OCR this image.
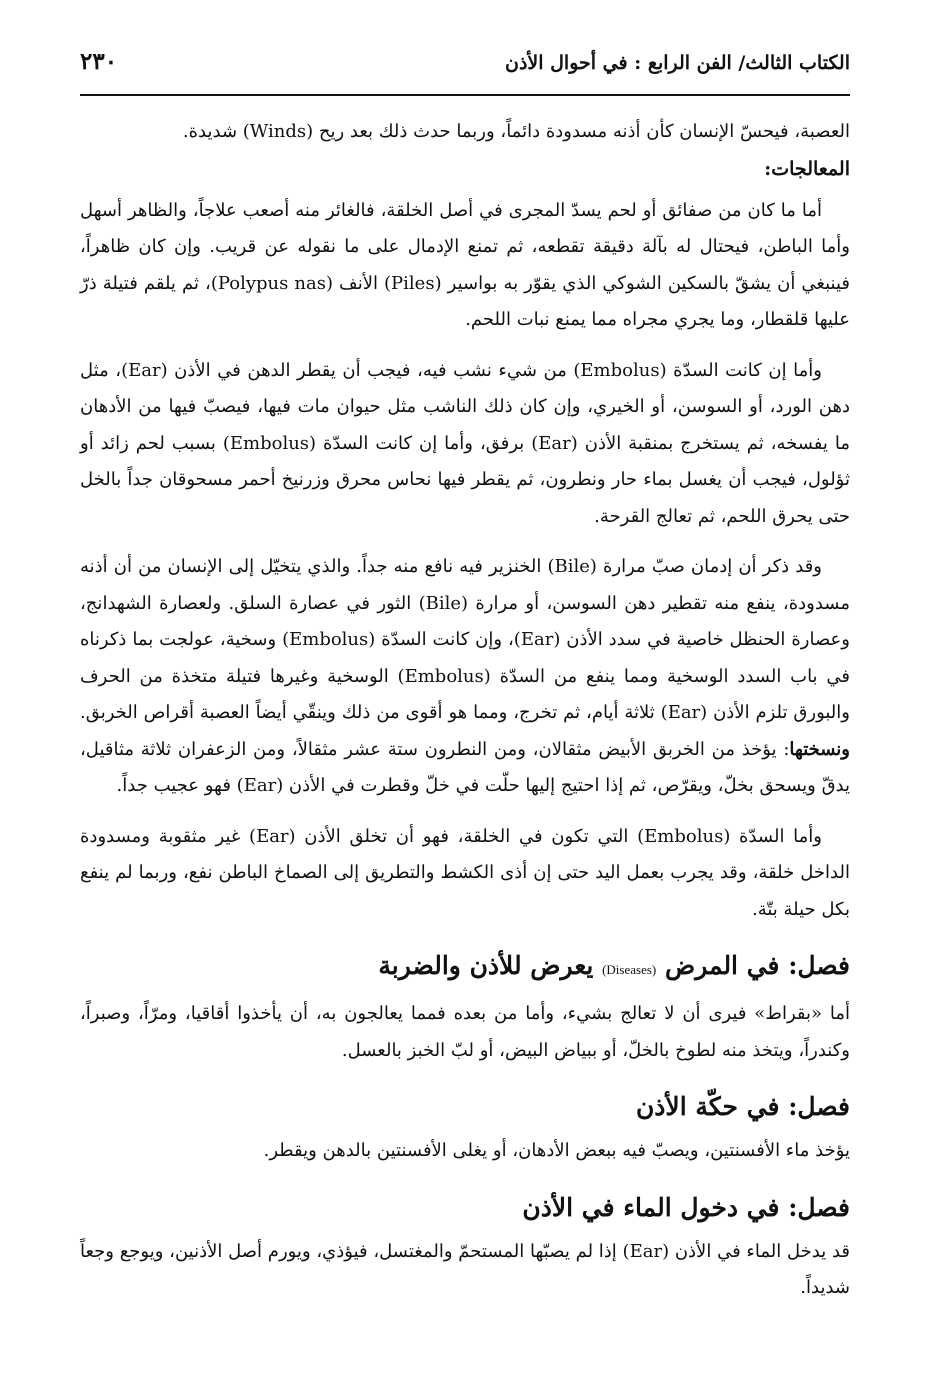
الكتاب الثالث/ الفن الرابع : في أحوال الأذن
٢٣٠

العصبة، فيحسّ الإنسان كأن أذنه مسدودة دائماً، وربما حدث ذلك بعد ريح (Winds) شديدة.

المعالجات:

أما ما كان من صفائق أو لحم يسدّ المجرى في أصل الخلقة، فالغائر منه أصعب علاجاً، والظاهر أسهل وأما الباطن، فيحتال له بآلة دقيقة تقطعه، ثم تمنع الإدمال على ما نقوله عن قريب. وإن كان ظاهراً، فينبغي أن يشقّ بالسكين الشوكي الذي يقوّر به بواسير (Piles) الأنف (Polypus nas)، ثم يلقم فتيلة ذرّ عليها قلقطار، وما يجري مجراه مما يمنع نبات اللحم.

وأما إن كانت السدّة (Embolus) من شيء نشب فيه، فيجب أن يقطر الدهن في الأذن (Ear)، مثل دهن الورد، أو السوسن، أو الخيري، وإن كان ذلك الناشب مثل حيوان مات فيها، فيصبّ فيها من الأدهان ما يفسخه، ثم يستخرج بمنقبة الأذن (Ear) برفق، وأما إن كانت السدّة (Embolus) بسبب لحم زائد أو ثؤلول، فيجب أن يغسل بماء حار ونطرون، ثم يقطر فيها نحاس محرق وزرنيخ أحمر مسحوقان جداً بالخل حتى يحرق اللحم، ثم تعالج القرحة.

وقد ذكر أن إدمان صبّ مرارة (Bile) الخنزير فيه نافع منه جداً. والذي يتخيّل إلى الإنسان من أن أذنه مسدودة، ينفع منه تقطير دهن السوسن، أو مرارة (Bile) الثور في عصارة السلق. ولعصارة الشهدانج، وعصارة الحنظل خاصية في سدد الأذن (Ear)، وإن كانت السدّة (Embolus) وسخية، عولجت بما ذكرناه في باب السدد الوسخية ومما ينفع من السدّة (Embolus) الوسخية وغيرها فتيلة متخذة من الحرف والبورق تلزم الأذن (Ear) ثلاثة أيام، ثم تخرج، ومما هو أقوى من ذلك وينقّي أيضاً العصبة أقراص الخربق. ونسختها: يؤخذ من الخربق الأبيض مثقالان، ومن النطرون ستة عشر مثقالاً، ومن الزعفران ثلاثة مثاقيل، يدقّ ويسحق بخلّ، ويقرّص، ثم إذا احتيج إليها حلّت في خلّ وقطرت في الأذن (Ear) فهو عجيب جداً.

وأما السدّة (Embolus) التي تكون في الخلقة، فهو أن تخلق الأذن (Ear) غير مثقوبة ومسدودة الداخل خلقة، وقد يجرب بعمل اليد حتى إن أذى الكشط والتطريق إلى الصماخ الباطن نفع، وربما لم ينفع بكل حيلة بتّة.

فصل: في المرض (Diseases) يعرض للأذن والضربة

أما «بقراط» فيرى أن لا تعالج بشيء، وأما من بعده فمما يعالجون به، أن يأخذوا أقاقيا، ومرّاً، وصبراً، وكندراً، ويتخذ منه لطوخ بالخلّ، أو ببياض البيض، أو لبّ الخبز بالعسل.

فصل: في حكّة الأذن

يؤخذ ماء الأفسنتين، ويصبّ فيه ببعض الأدهان، أو يغلى الأفسنتين بالدهن ويقطر.

فصل: في دخول الماء في الأذن

قد يدخل الماء في الأذن (Ear) إذا لم يصبّها المستحمّ والمغتسل، فيؤذي، ويورم أصل الأذنين، ويوجع وجعاً شديداً.
